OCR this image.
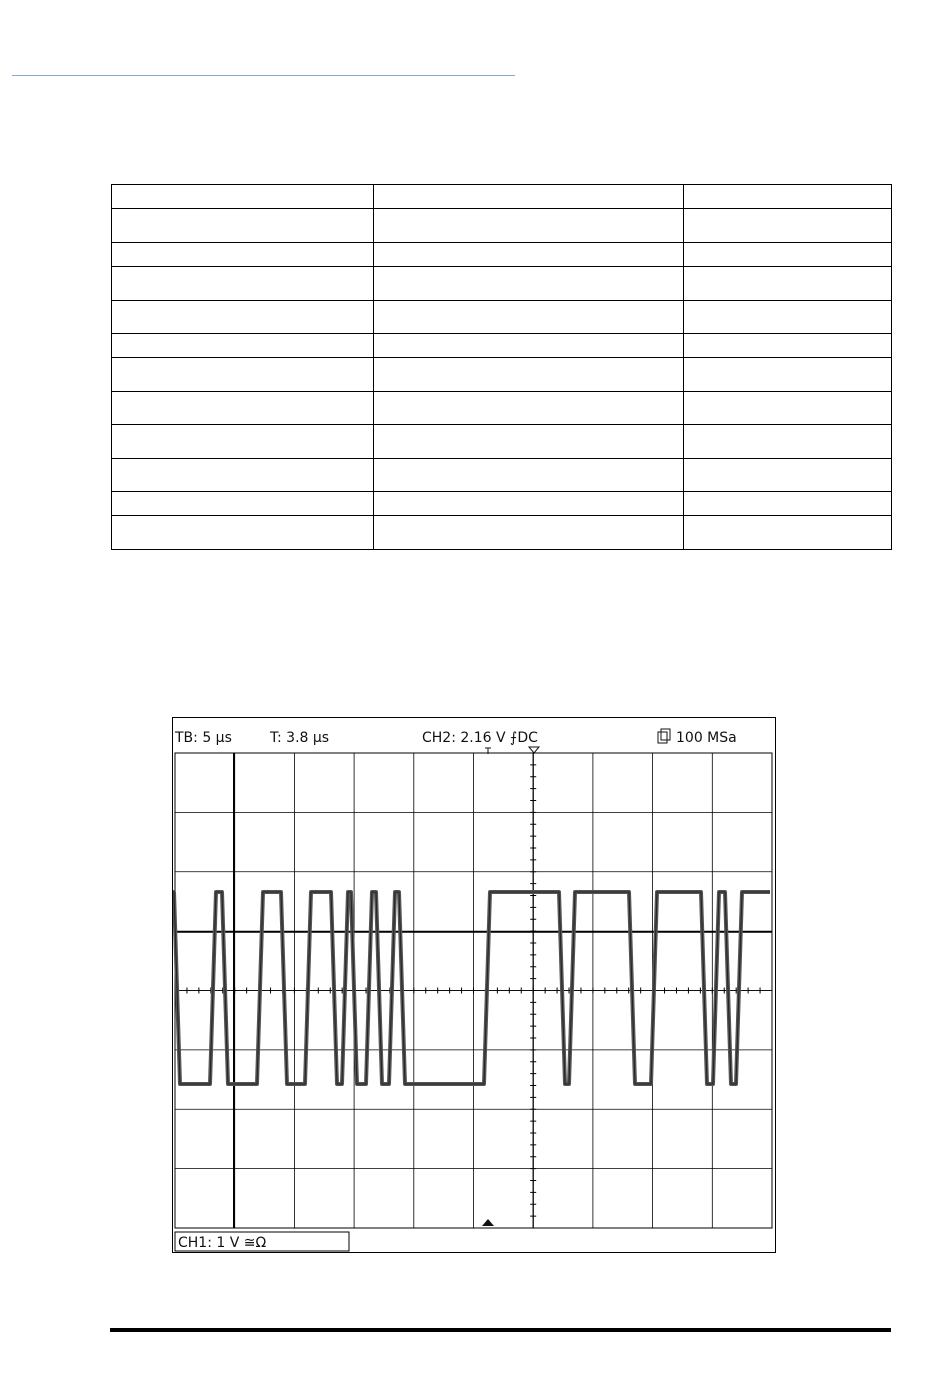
TB: 5 µs	T: 3.8 µs	CH2: 2.16 V ⨍DC	100 MSa
CH1: 1 V ≅Ω
